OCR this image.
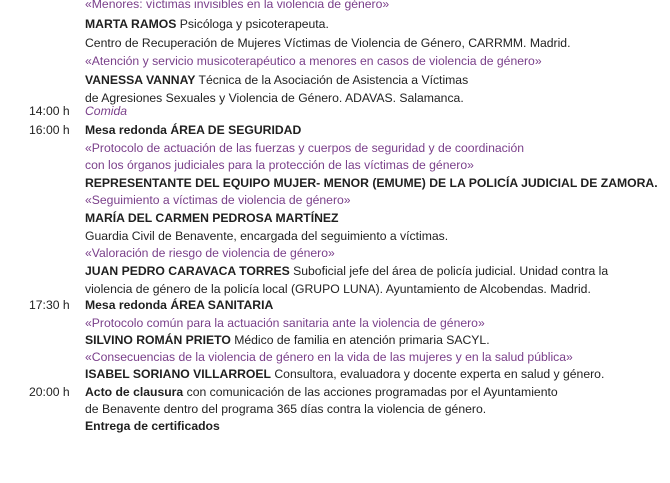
«Menores: víctimas invisibles en la violencia de género»
MARTA RAMOS Psicóloga y psicoterapeuta.
Centro de Recuperación de Mujeres Víctimas de Violencia de Género, CARRMM. Madrid.
«Atención y servicio musicoterapéutico a menores en casos de violencia de género»
VANESSA VANNAY Técnica de la Asociación de Asistencia a Víctimas
de Agresiones Sexuales y Violencia de Género. ADAVAS. Salamanca.
14:00 h Comida
16:00 h Mesa redonda ÁREA DE SEGURIDAD
«Protocolo de actuación de las fuerzas y cuerpos de seguridad y de coordinación
con los órganos judiciales para la protección de las víctimas de género»
REPRESENTANTE DEL EQUIPO MUJER- MENOR (EMUME) DE LA POLICÍA JUDICIAL DE ZAMORA.
«Seguimiento a víctimas de violencia de género»
MARÍA DEL CARMEN PEDROSA MARTÍNEZ
Guardia Civil de Benavente, encargada del seguimiento a víctimas.
«Valoración de riesgo de violencia de género»
JUAN PEDRO CARAVACA TORRES Suboficial jefe del área de policía judicial. Unidad contra la
violencia de género de la policía local (GRUPO LUNA). Ayuntamiento de Alcobendas. Madrid.
17:30 h Mesa redonda ÁREA SANITARIA
«Protocolo común para la actuación sanitaria ante la violencia de género»
SILVINO ROMÁN PRIETO Médico de familia en atención primaria SACYL.
«Consecuencias de la violencia de género en la vida de las mujeres y en la salud pública»
ISABEL SORIANO VILLARROEL Consultora, evaluadora y docente experta en salud y género.
20:00 h Acto de clausura con comunicación de las acciones programadas por el Ayuntamiento
de Benavente dentro del programa 365 días contra la violencia de género.
Entrega de certificados
